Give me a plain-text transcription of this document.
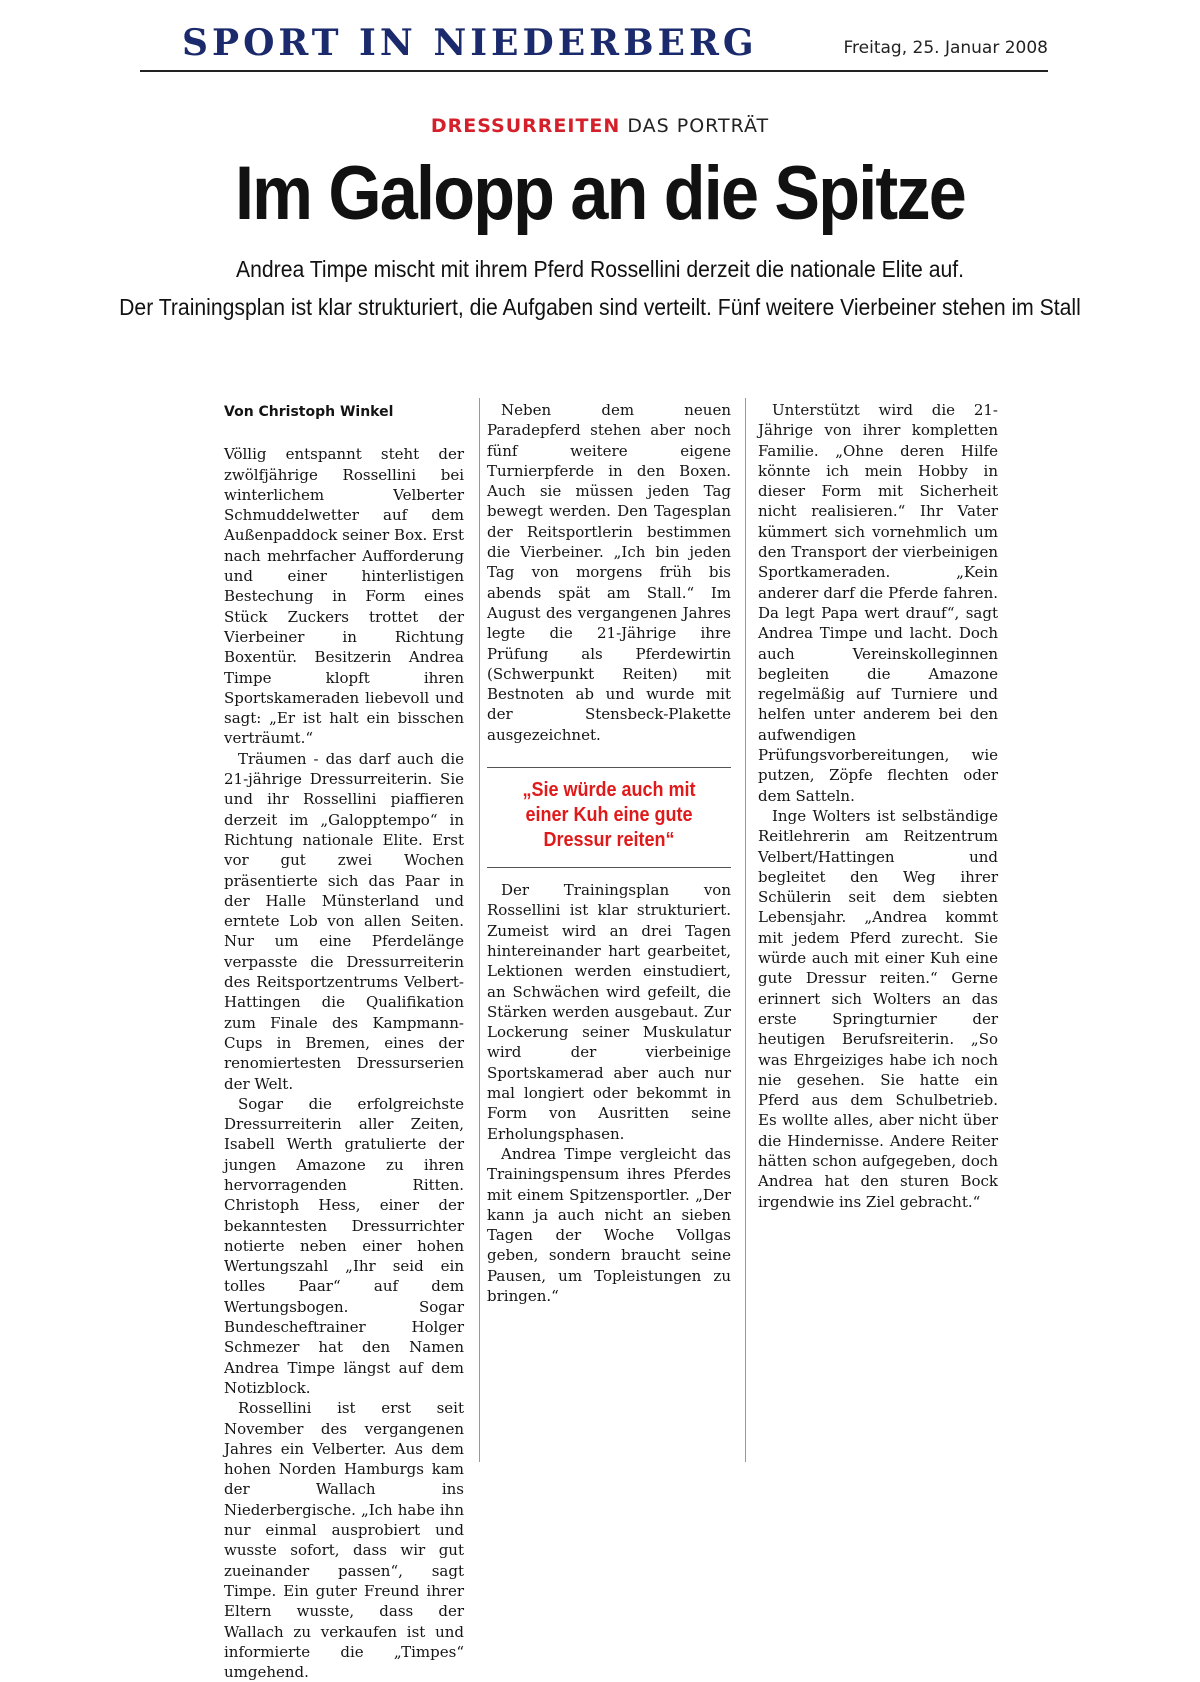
SPORT IN NIEDERBERG	Freitag, 25. Januar 2008
DRESSURREITEN DAS PORTRÄT
Im Galopp an die Spitze
Andrea Timpe mischt mit ihrem Pferd Rossellini derzeit die nationale Elite auf.
Der Trainingsplan ist klar strukturiert, die Aufgaben sind verteilt. Fünf weitere Vierbeiner stehen im Stall
Von Christoph Winkel

Völlig entspannt steht der zwölfjährige Rossellini bei winterlichem Velberter Schmuddelwetter auf dem Außenpaddock seiner Box. Erst nach mehrfacher Aufforderung und einer hinterlistigen Bestechung in Form eines Stück Zuckers trottet der Vierbeiner in Richtung Boxentür. Besitzerin Andrea Timpe klopft ihren Sportskameraden liebevoll und sagt: „Er ist halt ein bisschen verträumt.“

Träumen - das darf auch die 21-jährige Dressurreiterin. Sie und ihr Rossellini piaffieren derzeit im „Galopptempo“ in Richtung nationale Elite. Erst vor gut zwei Wochen präsentierte sich das Paar in der Halle Münsterland und erntete Lob von allen Seiten. Nur um eine Pferdelänge verpasste die Dressurreiterin des Reitsportzentrums Velbert-Hattingen die Qualifikation zum Finale des Kampmann-Cups in Bremen, eines der renomiertesten Dressurserien der Welt.

Sogar die erfolgreichste Dressurreiterin aller Zeiten, Isabell Werth gratulierte der jungen Amazone zu ihren hervorragenden Ritten. Christoph Hess, einer der bekanntesten Dressurrichter notierte neben einer hohen Wertungszahl „Ihr seid ein tolles Paar“ auf dem Wertungsbogen. Sogar Bundescheftrainer Holger Schmezer hat den Namen Andrea Timpe längst auf dem Notizblock.

Rossellini ist erst seit November des vergangenen Jahres ein Velberter. Aus dem hohen Norden Hamburgs kam der Wallach ins Niederbergische. „Ich habe ihn nur einmal ausprobiert und wusste sofort, dass wir gut zueinander passen“, sagt Timpe. Ein guter Freund ihrer Eltern wusste, dass der Wallach zu verkaufen ist und informierte die „Timpes“ umgehend.

Neben dem neuen Paradepferd stehen aber noch fünf weitere eigene Turnierpferde in den Boxen. Auch sie müssen jeden Tag bewegt werden. Den Tagesplan der Reitsportlerin bestimmen die Vierbeiner. „Ich bin jeden Tag von morgens früh bis abends spät am Stall.“ Im August des vergangenen Jahres legte die 21-Jährige ihre Prüfung als Pferdewirtin (Schwerpunkt Reiten) mit Bestnoten ab und wurde mit der Stensbeck-Plakette ausgezeichnet.

„Sie würde auch mit einer Kuh eine gute Dressur reiten“

Der Trainingsplan von Rossellini ist klar strukturiert. Zumeist wird an drei Tagen hintereinander hart gearbeitet, Lektionen werden einstudiert, an Schwächen wird gefeilt, die Stärken werden ausgebaut. Zur Lockerung seiner Muskulatur wird der vierbeinige Sportskamerad aber auch nur mal longiert oder bekommt in Form von Ausritten seine Erholungsphasen.

Andrea Timpe vergleicht das Trainingspensum ihres Pferdes mit einem Spitzensportler. „Der kann ja auch nicht an sieben Tagen der Woche Vollgas geben, sondern braucht seine Pausen, um Topleistungen zu bringen.“

Unterstützt wird die 21-Jährige von ihrer kompletten Familie. „Ohne deren Hilfe könnte ich mein Hobby in dieser Form mit Sicherheit nicht realisieren.“ Ihr Vater kümmert sich vornehmlich um den Transport der vierbeinigen Sportkameraden. „Kein anderer darf die Pferde fahren. Da legt Papa wert drauf“, sagt Andrea Timpe und lacht. Doch auch Vereinskolleginnen begleiten die Amazone regelmäßig auf Turniere und helfen unter anderem bei den aufwendigen Prüfungsvorbereitungen, wie putzen, Zöpfe flechten oder dem Satteln.

Inge Wolters ist selbständige Reitlehrerin am Reitzentrum Velbert/Hattingen und begleitet den Weg ihrer Schülerin seit dem siebten Lebensjahr. „Andrea kommt mit jedem Pferd zurecht. Sie würde auch mit einer Kuh eine gute Dressur reiten.“ Gerne erinnert sich Wolters an das erste Springturnier der heutigen Berufsreiterin. „So was Ehrgeiziges habe ich noch nie gesehen. Sie hatte ein Pferd aus dem Schulbetrieb. Es wollte alles, aber nicht über die Hindernisse. Andere Reiter hätten schon aufgegeben, doch Andrea hat den sturen Bock irgendwie ins Ziel gebracht.“
